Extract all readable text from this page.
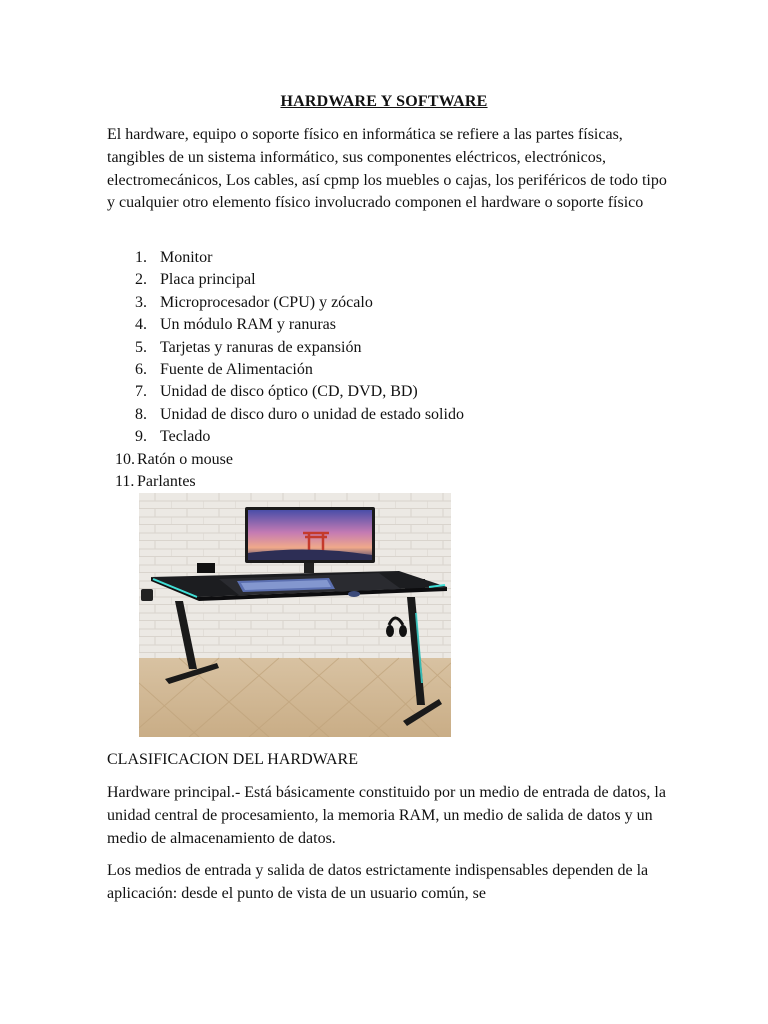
HARDWARE Y SOFTWARE
El hardware, equipo o soporte físico en informática se refiere a las partes físicas, tangibles de un sistema informático, sus componentes eléctricos, electrónicos, electromecánicos, Los cables, así cpmp los muebles o cajas, los periféricos de todo tipo y cualquier otro elemento físico involucrado componen el hardware o soporte físico
1. Monitor
2. Placa principal
3. Microprocesador (CPU) y zócalo
4. Un módulo RAM y ranuras
5. Tarjetas y ranuras de expansión
6. Fuente de Alimentación
7. Unidad de disco óptico (CD, DVD, BD)
8. Unidad de disco duro o unidad de estado solido
9. Teclado
10. Ratón o mouse
11. Parlantes
CLASIFICACION DEL HARDWARE
Hardware principal.- Está básicamente constituido por un medio de entrada de datos, la unidad central de procesamiento, la memoria RAM, un medio de salida de datos y un medio de almacenamiento de datos.
Los medios de entrada y salida de datos estrictamente indispensables dependen de la aplicación: desde el punto de vista de un usuario común, se
